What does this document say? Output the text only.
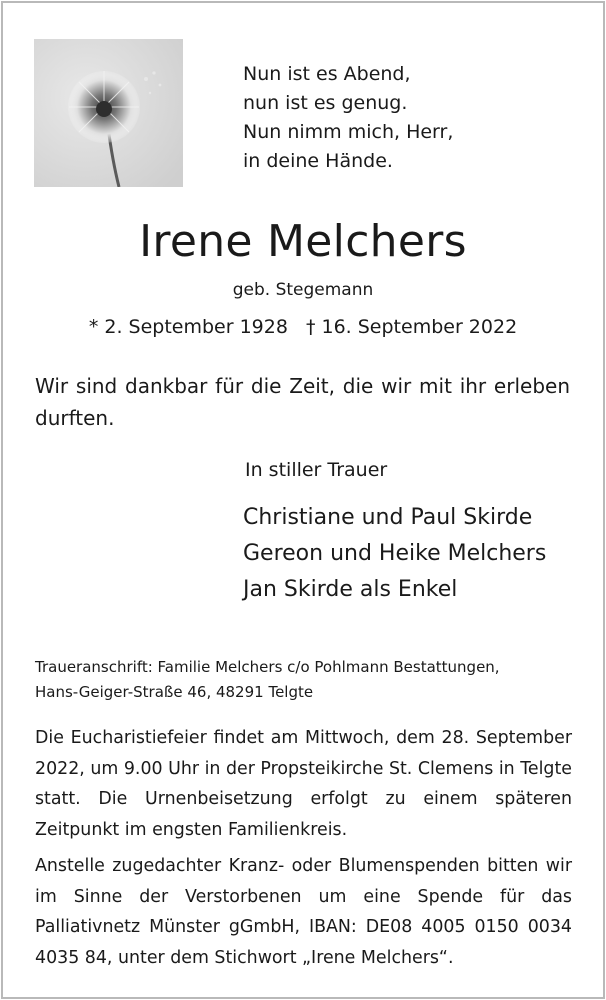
Nun ist es Abend,
nun ist es genug.
Nun nimm mich, Herr,
in deine Hände.
Irene Melchers
geb. Stegemann
* 2. September 1928 † 16. September 2022
Wir sind dankbar für die Zeit, die wir mit ihr erleben durften.
In stiller Trauer
Christiane und Paul Skirde
Gereon und Heike Melchers
Jan Skirde als Enkel
Traueranschrift: Familie Melchers c/o Pohlmann Bestattungen,
Hans-Geiger-Straße 46, 48291 Telgte
Die Eucharistiefeier findet am Mittwoch, dem 28. September 2022, um 9.00 Uhr in der Propsteikirche St. Clemens in Telgte statt. Die Urnenbeisetzung erfolgt zu einem späteren Zeitpunkt im engsten Familienkreis.
Anstelle zugedachter Kranz- oder Blumenspenden bitten wir im Sinne der Verstorbenen um eine Spende für das Palliativnetz Münster gGmbH, IBAN: DE08 4005 0150 0034 4035 84, unter dem Stichwort „Irene Melchers“.
